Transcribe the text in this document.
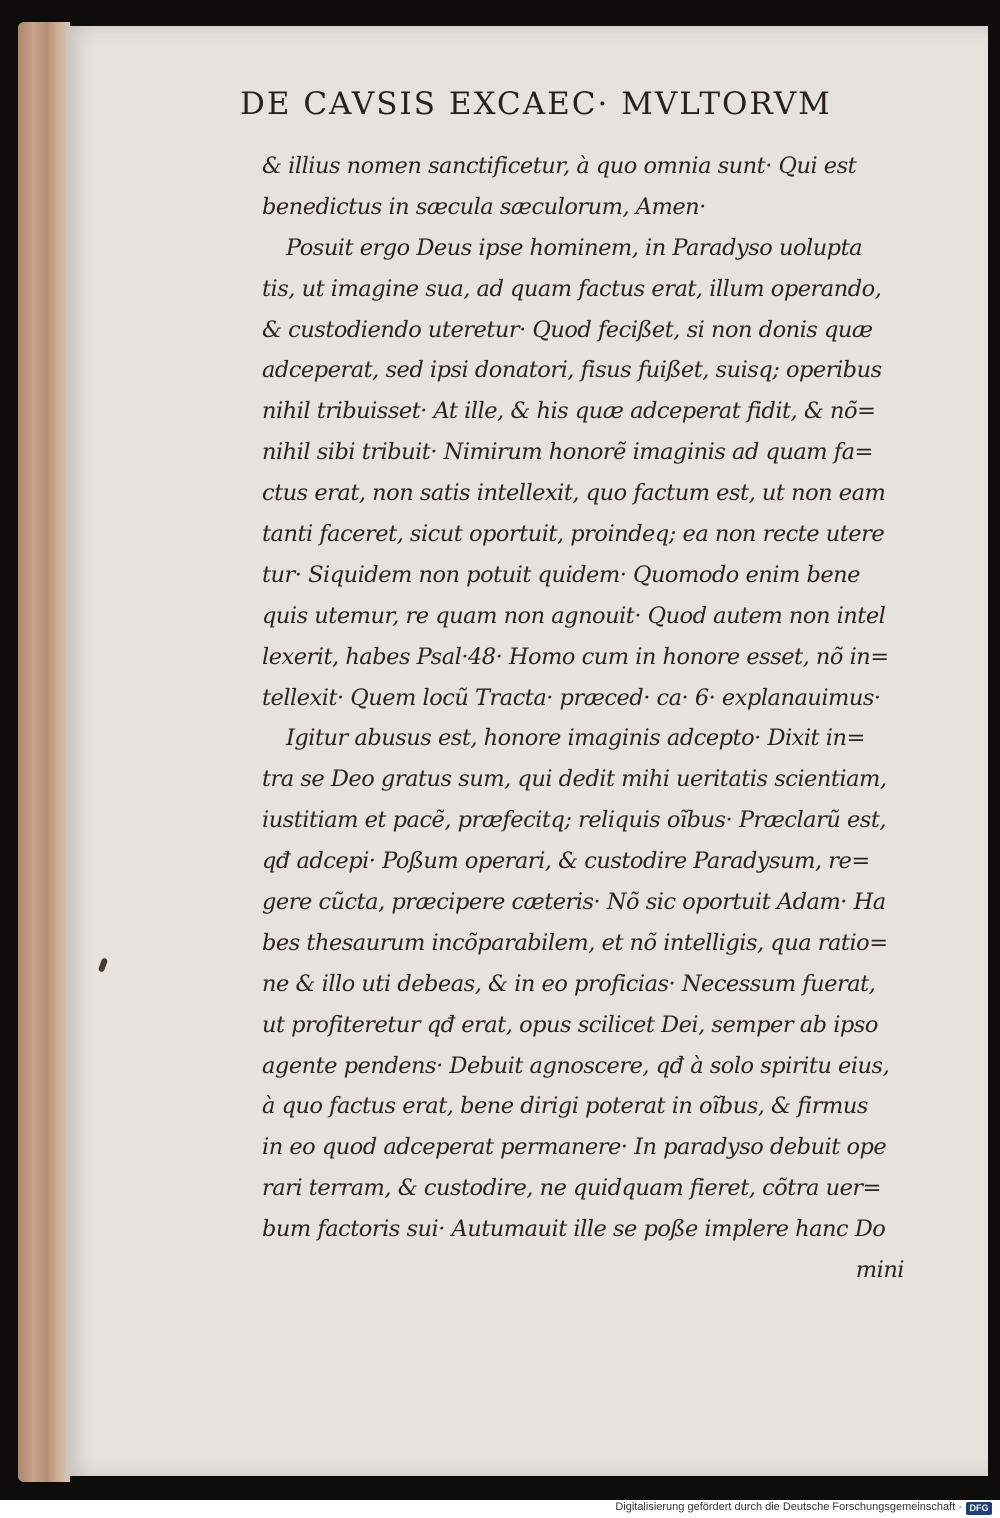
DE CAVSIS EXCAEC· MVLTORVM
& illius nomen sanctificetur, à quo omnia sunt· Qui est
benedictus in sæcula sæculorum, Amen·
Posuit ergo Deus ipse hominem, in Paradyso uolupta
tis, ut imagine sua, ad quam factus erat, illum operando,
& custodiendo uteretur· Quod fecißet, si non donis quæ
adceperat, sed ipsi donatori, fisus fuißet, suisq; operibus
nihil tribuisset· At ille, & his quæ adceperat fidit, & nõ=
nihil sibi tribuit· Nimirum honorẽ imaginis ad quam fa=
ctus erat, non satis intellexit, quo factum est, ut non eam
tanti faceret, sicut oportuit, proindeq; ea non recte utere
tur· Siquidem non potuit quidem· Quomodo enim bene
quis uteтur, re quam non agnouit· Quod autem non intel
lexerit, habes Psal·48· Homo cum in honore esset, nõ in=
tellexit· Quem locũ Tracta· præced· ca· 6· explanauimus·
Igitur abusus est, honore imaginis adcepto· Dixit in=
tra se Deo gratus sum, qui dedit mihi ueritatis scientiam,
iustitiam et pacẽ, præfecitq; reliquis oĩbus· Præclarũ est,
qđ adcepi· Poßum operari, & custodire Paradysum, re=
gere cũcta, præcipere cæteris· Nõ sic oportuit Adam· Ha
bes thesaurum incõparabilem, et nõ intelligis, qua ratio=
ne & illo uti debeas, & in eo proficias· Necessum fuerat,
ut profiteretur qđ erat, opus scilicet Dei, semper ab ipso
agente pendens· Debuit agnoscere, qđ à solo spiritu eius,
à quo factus erat, bene dirigi poterat in oĩbus, & firmus
in eo quod adceperat permanere· In paradyso debuit ope
rari terram, & custodire, ne quidquam fieret, cõtra uer=
bum factoris sui· Autumauit ille se poße implere hanc Do
mini
Digitalisierung gefördert durch die Deutsche Forschungsgemeinschaft · DFG
